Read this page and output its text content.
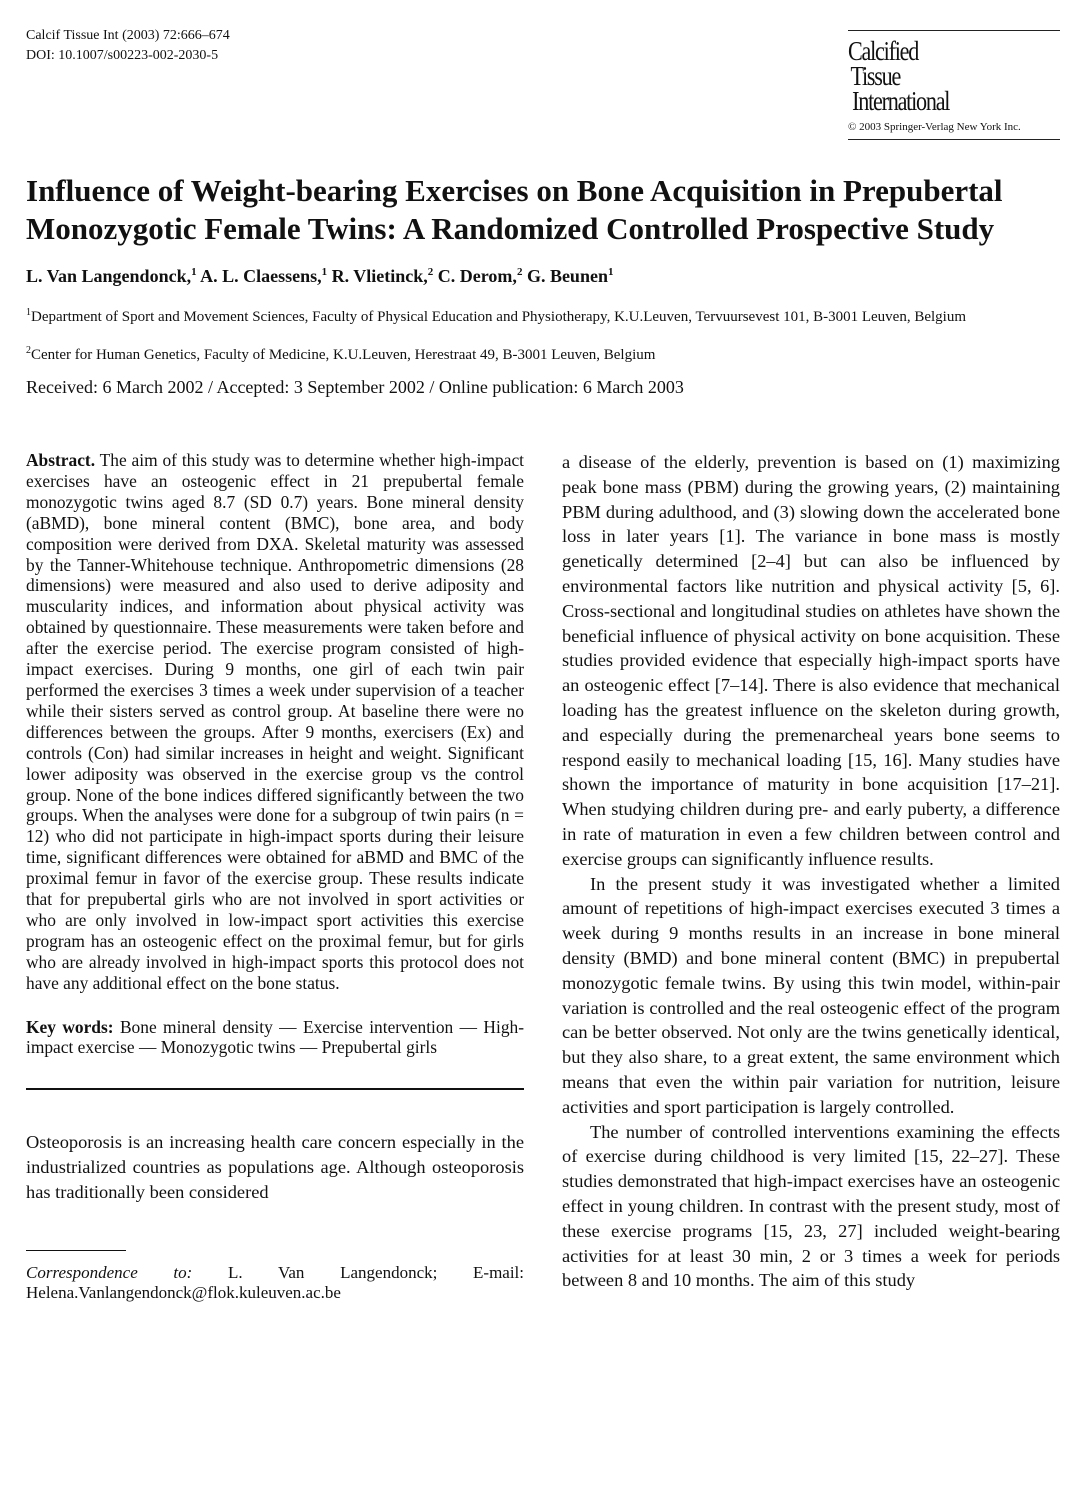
Calcif Tissue Int (2003) 72:666–674
DOI: 10.1007/s00223-002-2030-5	Calcified
Tissue
International
© 2003 Springer-Verlag New York Inc.
Influence of Weight-bearing Exercises on Bone Acquisition in Prepubertal Monozygotic Female Twins: A Randomized Controlled Prospective Study
L. Van Langendonck,$^1$ A. L. Claessens,$^1$ R. Vlietinck,$^2$ C. Derom,$^2$ G. Beunen$^1$
$^1$Department of Sport and Movement Sciences, Faculty of Physical Education and Physiotherapy, K.U.Leuven, Tervuursevest 101, B-3001 Leuven, Belgium
$^2$Center for Human Genetics, Faculty of Medicine, K.U.Leuven, Herestraat 49, B-3001 Leuven, Belgium
Received: 6 March 2002 / Accepted: 3 September 2002 / Online publication: 6 March 2003

Abstract. The aim of this study was to determine whether high-impact exercises have an osteogenic effect in 21 prepubertal female monozygotic twins aged 8.7 (SD 0.7) years. Bone mineral density (aBMD), bone mineral content (BMC), bone area, and body composition were derived from DXA. Skeletal maturity was assessed by the Tanner-Whitehouse technique. Anthropometric dimensions (28 dimensions) were measured and also used to derive adiposity and muscularity indices, and information about physical activity was obtained by questionnaire. These measurements were taken before and after the exercise period. The exercise program consisted of high-impact exercises. During 9 months, one girl of each twin pair performed the exercises 3 times a week under supervision of a teacher while their sisters served as control group. At baseline there were no differences between the groups. After 9 months, exercisers (Ex) and controls (Con) had similar increases in height and weight. Significant lower adiposity was observed in the exercise group vs the control group. None of the bone indices differed significantly between the two groups. When the analyses were done for a subgroup of twin pairs (n = 12) who did not participate in high-impact sports during their leisure time, significant differences were obtained for aBMD and BMC of the proximal femur in favor of the exercise group. These results indicate that for prepubertal girls who are not involved in sport activities or who are only involved in low-impact sport activities this exercise program has an osteogenic effect on the proximal femur, but for girls who are already involved in high-impact sports this protocol does not have any additional effect on the bone status.

Key words: Bone mineral density — Exercise intervention — High-impact exercise — Monozygotic twins — Prepubertal girls

Osteoporosis is an increasing health care concern especially in the industrialized countries as populations age. Although osteoporosis has traditionally been considered

Correspondence to: L. Van Langendonck; E-mail: Helena.Vanlangendonck@flok.kuleuven.ac.be

a disease of the elderly, prevention is based on (1) maximizing peak bone mass (PBM) during the growing years, (2) maintaining PBM during adulthood, and (3) slowing down the accelerated bone loss in later years [1]. The variance in bone mass is mostly genetically determined [2–4] but can also be influenced by environmental factors like nutrition and physical activity [5, 6]. Cross-sectional and longitudinal studies on athletes have shown the beneficial influence of physical activity on bone acquisition. These studies provided evidence that especially high-impact sports have an osteogenic effect [7–14]. There is also evidence that mechanical loading has the greatest influence on the skeleton during growth, and especially during the premenarcheal years bone seems to respond easily to mechanical loading [15, 16]. Many studies have shown the importance of maturity in bone acquisition [17–21]. When studying children during pre- and early puberty, a difference in rate of maturation in even a few children between control and exercise groups can significantly influence results.

In the present study it was investigated whether a limited amount of repetitions of high-impact exercises executed 3 times a week during 9 months results in an increase in bone mineral density (BMD) and bone mineral content (BMC) in prepubertal monozygotic female twins. By using this twin model, within-pair variation is controlled and the real osteogenic effect of the program can be better observed. Not only are the twins genetically identical, but they also share, to a great extent, the same environment which means that even the within pair variation for nutrition, leisure activities and sport participation is largely controlled.

The number of controlled interventions examining the effects of exercise during childhood is very limited [15, 22–27]. These studies demonstrated that high-impact exercises have an osteogenic effect in young children. In contrast with the present study, most of these exercise programs [15, 23, 27] included weight-bearing activities for at least 30 min, 2 or 3 times a week for periods between 8 and 10 months. The aim of this study
